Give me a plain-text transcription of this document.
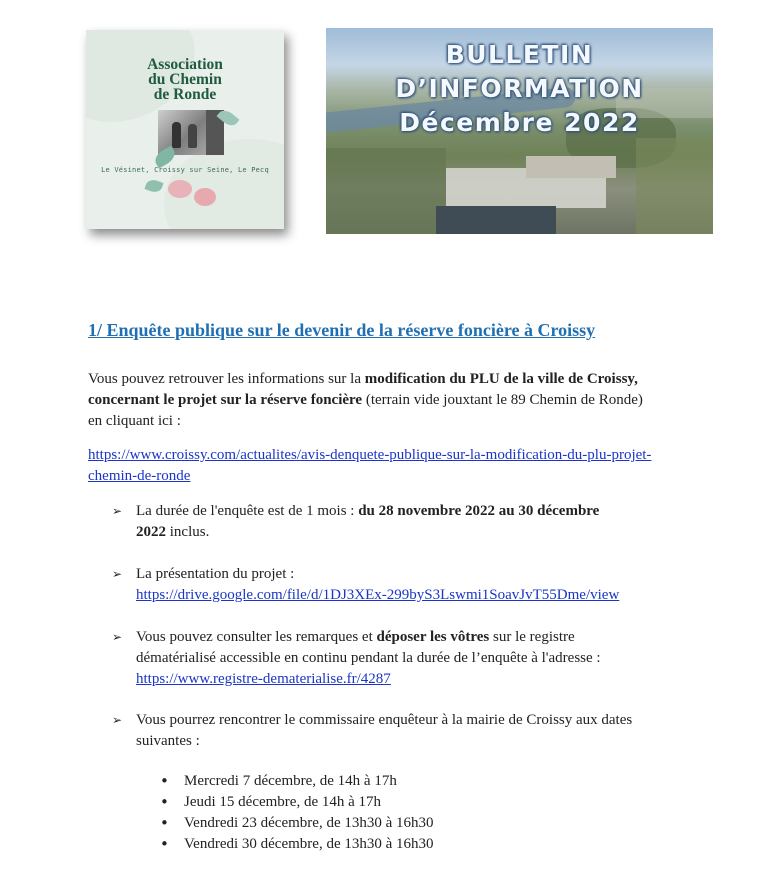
Association
du Chemin
de Ronde
Le Vésinet, Croissy sur Seine, Le Pecq
BULLETIN
D’INFORMATION
Décembre 2022
1/ Enquête publique sur le devenir de la réserve foncière à Croissy
Vous pouvez retrouver les informations sur la modification du PLU de la ville de Croissy,
concernant le projet sur la réserve foncière (terrain vide jouxtant le 89 Chemin de Ronde)
en cliquant ici :
https://www.croissy.com/actualites/avis-denquete-publique-sur-la-modification-du-plu-projet-
chemin-de-ronde
➢ La durée de l'enquête est de 1 mois : du 28 novembre 2022 au 30 décembre
2022 inclus.
➢ La présentation du projet :
https://drive.google.com/file/d/1DJ3XEx-299byS3Lswmi1SoavJvT55Dme/view
➢ Vous pouvez consulter les remarques et déposer les vôtres sur le registre
dématérialisé accessible en continu pendant la durée de l’enquête à l'adresse :
https://www.registre-dematerialise.fr/4287
➢ Vous pourrez rencontrer le commissaire enquêteur à la mairie de Croissy aux dates
suivantes :
• Mercredi 7 décembre, de 14h à 17h
• Jeudi 15 décembre, de 14h à 17h
• Vendredi 23 décembre, de 13h30 à 16h30
• Vendredi 30 décembre, de 13h30 à 16h30
